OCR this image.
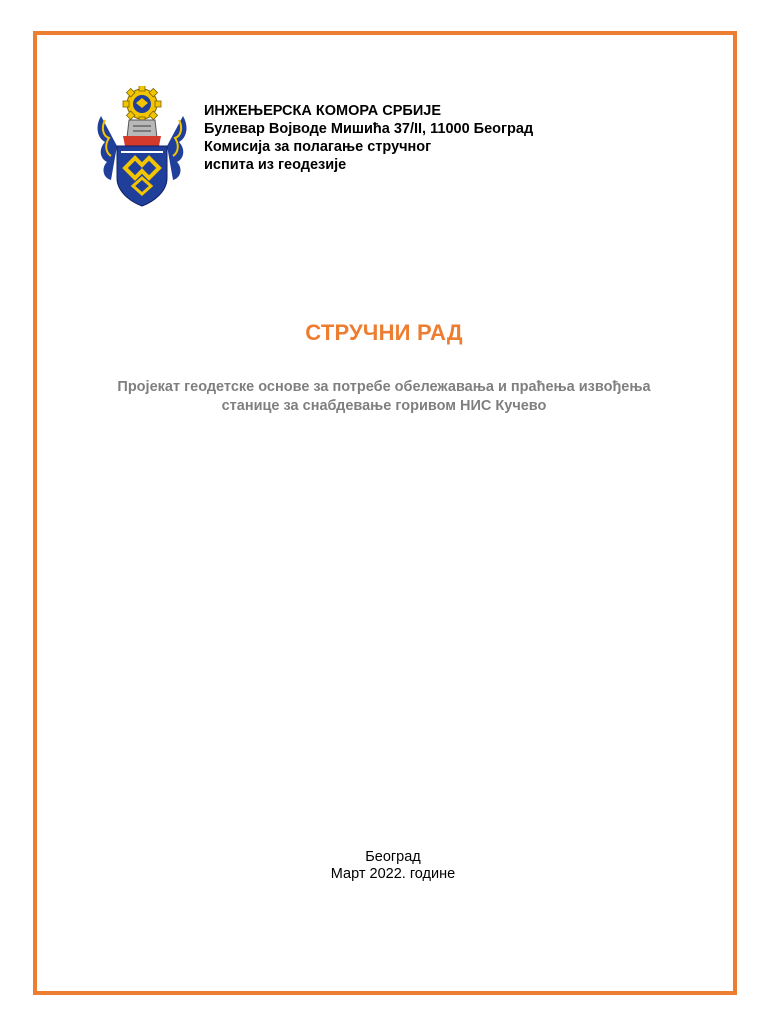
ИНЖЕЊЕРСКА КОМОРА СРБИЈЕ
Булевар Војводе Мишића 37/II, 11000 Београд
Комисија за полагање стручног
испита из геодезије
СТРУЧНИ РАД
Пројекат геодетске основе за потребе обележавања и праћења извођења
станице за снабдевање горивом НИС Кучево
Београд
Март 2022. године
